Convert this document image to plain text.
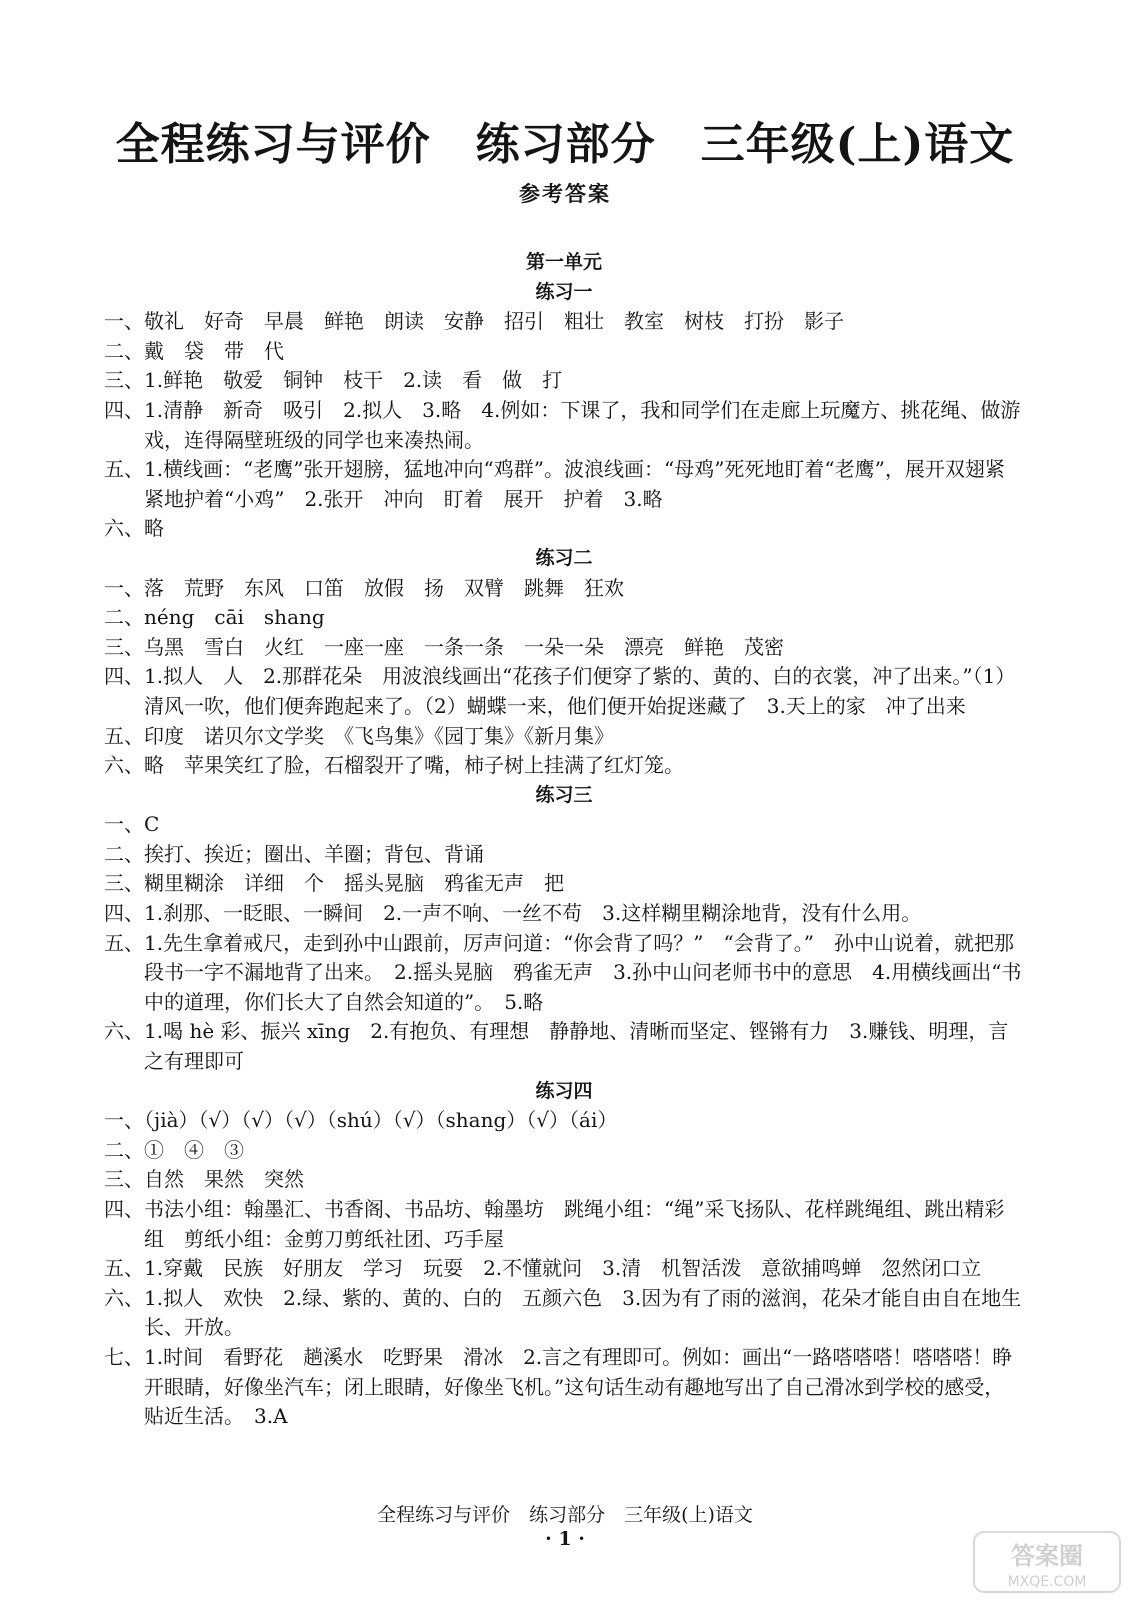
全程练习与评价　练习部分　三年级(上)语文
参考答案
第一单元
练习一
一、敬礼　好奇　早晨　鲜艳　朗读　安静　招引　粗壮　教室　树枝　打扮　影子
二、戴　袋　带　代
三、1.鲜艳　敬爱　铜钟　枝干　2.读　看　做　打
四、1.清静　新奇　吸引　2.拟人　3.略　4.例如：下课了，我和同学们在走廊上玩魔方、挑花绳、做游戏，连得隔壁班级的同学也来凑热闹。
五、1.横线画：“老鹰”张开翅膀，猛地冲向“鸡群”。波浪线画：“母鸡”死死地盯着“老鹰”，展开双翅紧紧地护着“小鸡”　2.张开　冲向　盯着　展开　护着　3.略
六、略
练习二
一、落　荒野　东风　口笛　放假　扬　双臂　跳舞　狂欢
二、néng　cāi　shang
三、乌黑　雪白　火红　一座一座　一条一条　一朵一朵　漂亮　鲜艳　茂密
四、1.拟人　人　2.那群花朵　用波浪线画出“花孩子们便穿了紫的、黄的、白的衣裳，冲了出来。”（1）清风一吹，他们便奔跑起来了。（2）蝴蝶一来，他们便开始捉迷藏了　3.天上的家　冲了出来
五、印度　诺贝尔文学奖　《飞鸟集》《园丁集》《新月集》
六、略　苹果笑红了脸，石榴裂开了嘴，柿子树上挂满了红灯笼。
练习三
一、C
二、挨打、挨近；圈出、羊圈；背包、背诵
三、糊里糊涂　详细　个　摇头晃脑　鸦雀无声　把
四、1.刹那、一眨眼、一瞬间　2.一声不响、一丝不苟　3.这样糊里糊涂地背，没有什么用。
五、1.先生拿着戒尺，走到孙中山跟前，厉声问道：“你会背了吗？”　“会背了。”　孙中山说着，就把那段书一字不漏地背了出来。　2.摇头晃脑　鸦雀无声　3.孙中山问老师书中的意思　4.用横线画出“书中的道理，你们长大了自然会知道的”。　5.略
六、1.喝 hè 彩、振兴 xīng　2.有抱负、有理想　静静地、清晰而坚定、铿锵有力　3.赚钱、明理，言之有理即可
练习四
一、（jià）（√）（√）（√）（shú）（√）（shang）（√）（ái）
二、①　④　③
三、自然　果然　突然
四、书法小组：翰墨汇、书香阁、书品坊、翰墨坊　跳绳小组：“绳”采飞扬队、花样跳绳组、跳出精彩组　剪纸小组：金剪刀剪纸社团、巧手屋
五、1.穿戴　民族　好朋友　学习　玩耍　2.不懂就问　3.清　机智活泼　意欲捕鸣蝉　忽然闭口立
六、1.拟人　欢快　2.绿、紫的、黄的、白的　五颜六色　3.因为有了雨的滋润，花朵才能自由自在地生长、开放。
七、1.时间　看野花　趟溪水　吃野果　滑冰　2.言之有理即可。例如：画出“一路嗒嗒嗒！嗒嗒嗒！睁开眼睛，好像坐汽车；闭上眼睛，好像坐飞机。”这句话生动有趣地写出了自己滑冰到学校的感受，贴近生活。　3.A
全程练习与评价　练习部分　三年级(上)语文
· 1 ·
答案圈
MXQE.COM
